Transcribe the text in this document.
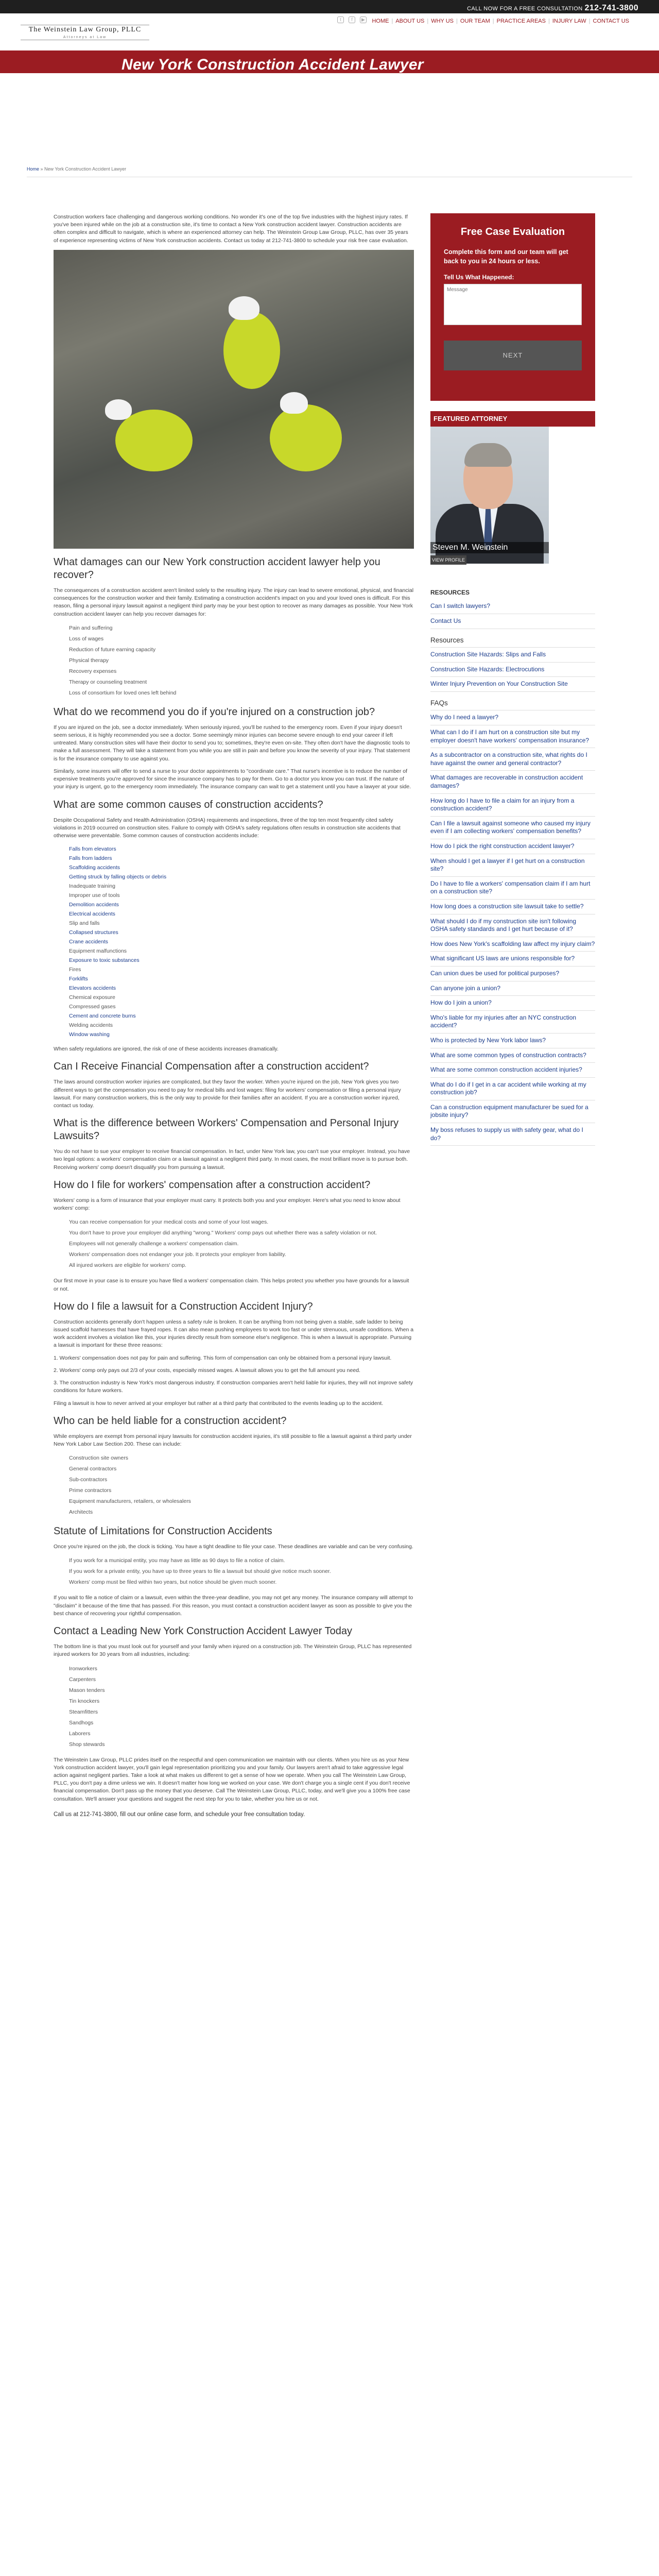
CALL NOW FOR A FREE CONSULTATION 212-741-3800
The Weinstein Law Group, PLLC
Attorneys at Law
t	f	▶ HOME | ABOUT US | WHY US | OUR TEAM | PRACTICE AREAS | INJURY LAW | CONTACT US
New York Construction Accident Lawyer
Home » New York Construction Accident Lawyer

Construction workers face challenging and dangerous working conditions. No wonder it's one of the top five industries with the highest injury rates. If you've been injured while on the job at a construction site, it's time to contact a New York construction accident lawyer. Construction accidents are often complex and difficult to navigate, which is where an experienced attorney can help. The Weinstein Group Law Group, PLLC, has over 35 years of experience representing victims of New York construction accidents. Contact us today at 212-741-3800 to schedule your risk free case evaluation.

What damages can our New York construction accident lawyer help you recover?

The consequences of a construction accident aren't limited solely to the resulting injury. The injury can lead to severe emotional, physical, and financial consequences for the construction worker and their family. Estimating a construction accident's impact on you and your loved ones is difficult. For this reason, filing a personal injury lawsuit against a negligent third party may be your best option to recover as many damages as possible. Your New York construction accident lawyer can help you recover damages for:

Pain and suffering
Loss of wages
Reduction of future earning capacity
Physical therapy
Recovery expenses
Therapy or counseling treatment
Loss of consortium for loved ones left behind
What do we recommend you do if you're injured on a construction job?

If you are injured on the job, see a doctor immediately. When seriously injured, you'll be rushed to the emergency room. Even if your injury doesn't seem serious, it is highly recommended you see a doctor. Some seemingly minor injuries can become severe enough to end your career if left untreated. Many construction sites will have their doctor to send you to; sometimes, they're even on-site. They often don't have the diagnostic tools to make a full assessment. They will take a statement from you while you are still in pain and before you know the severity of your injury. That statement is for the insurance company to use against you.

Similarly, some insurers will offer to send a nurse to your doctor appointments to "coordinate care." That nurse's incentive is to reduce the number of expensive treatments you're approved for since the insurance company has to pay for them. Go to a doctor you know you can trust. If the nature of your injury is urgent, go to the emergency room immediately. The insurance company can wait to get a statement until you have a lawyer at your side.

What are some common causes of construction accidents?

Despite Occupational Safety and Health Administration (OSHA) requirements and inspections, three of the top ten most frequently cited safety violations in 2019 occurred on construction sites. Failure to comply with OSHA's safety regulations often results in construction site accidents that otherwise were preventable. Some common causes of construction accidents include:

Falls from elevators
Falls from ladders
Scaffolding accidents
Getting struck by falling objects or debris
Inadequate training
Improper use of tools
Demolition accidents
Electrical accidents
Slip and falls
Collapsed structures
Crane accidents
Equipment malfunctions
Exposure to toxic substances
Fires
Forklifts
Elevators accidents
Chemical exposure
Compressed gases
Cement and concrete burns
Welding accidents
Window washing

When safety regulations are ignored, the risk of one of these accidents increases dramatically.

Can I Receive Financial Compensation after a construction accident?

The laws around construction worker injuries are complicated, but they favor the worker. When you're injured on the job, New York gives you two different ways to get the compensation you need to pay for medical bills and lost wages: filing for workers' compensation or filing a personal injury lawsuit. For many construction workers, this is the only way to provide for their families after an accident. If you are a construction worker injured, contact us today.

What is the difference between Workers' Compensation and Personal Injury Lawsuits?

You do not have to sue your employer to receive financial compensation. In fact, under New York law, you can't sue your employer. Instead, you have two legal options: a workers' compensation claim or a lawsuit against a negligent third party. In most cases, the most brilliant move is to pursue both. Receiving workers' comp doesn't disqualify you from pursuing a lawsuit.

How do I file for workers' compensation after a construction accident?

Workers' comp is a form of insurance that your employer must carry. It protects both you and your employer. Here's what you need to know about workers' comp:

You can receive compensation for your medical costs and some of your lost wages.
You don't have to prove your employer did anything "wrong." Workers' comp pays out whether there was a safety violation or not.
Employees will not generally challenge a workers' compensation claim.
Workers' compensation does not endanger your job. It protects your employer from liability.
All injured workers are eligible for workers' comp.

Our first move in your case is to ensure you have filed a workers' compensation claim. This helps protect you whether you have grounds for a lawsuit or not.

How do I file a lawsuit for a Construction Accident Injury?

Construction accidents generally don't happen unless a safety rule is broken. It can be anything from not being given a stable, safe ladder to being issued scaffold harnesses that have frayed ropes. It can also mean pushing employees to work too fast or under strenuous, unsafe conditions. When a work accident involves a violation like this, your injuries directly result from someone else's negligence. This is when a lawsuit is appropriate. Pursuing a lawsuit is important for these three reasons:

1. Workers' compensation does not pay for pain and suffering. This form of compensation can only be obtained from a personal injury lawsuit.

2. Workers' comp only pays out 2/3 of your costs, especially missed wages. A lawsuit allows you to get the full amount you need.

3. The construction industry is New York's most dangerous industry. If construction companies aren't held liable for injuries, they will not improve safety conditions for future workers.

Filing a lawsuit is how to never arrived at your employer but rather at a third party that contributed to the events leading up to the accident.

Who can be held liable for a construction accident?

While employers are exempt from personal injury lawsuits for construction accident injuries, it's still possible to file a lawsuit against a third party under New York Labor Law Section 200. These can include:

Construction site owners
General contractors
Sub-contractors
Prime contractors
Equipment manufacturers, retailers, or wholesalers
Architects
Statute of Limitations for Construction Accidents

Once you're injured on the job, the clock is ticking. You have a tight deadline to file your case. These deadlines are variable and can be very confusing.

If you work for a municipal entity, you may have as little as 90 days to file a notice of claim.
If you work for a private entity, you have up to three years to file a lawsuit but should give notice much sooner.
Workers' comp must be filed within two years, but notice should be given much sooner.

If you wait to file a notice of claim or a lawsuit, even within the three-year deadline, you may not get any money. The insurance company will attempt to "disclaim" it because of the time that has passed. For this reason, you must contact a construction accident lawyer as soon as possible to give you the best chance of recovering your rightful compensation.

Contact a Leading New York Construction Accident Lawyer Today

The bottom line is that you must look out for yourself and your family when injured on a construction job. The Weinstein Group, PLLC has represented injured workers for 30 years from all industries, including:

Ironworkers
Carpenters
Mason tenders
Tin knockers
Steamfitters
Sandhogs
Laborers
Shop stewards

The Weinstein Law Group, PLLC prides itself on the respectful and open communication we maintain with our clients. When you hire us as your New York construction accident lawyer, you'll gain legal representation prioritizing you and your family. Our lawyers aren't afraid to take aggressive legal action against negligent parties. Take a look at what makes us different to get a sense of how we operate. When you call The Weinstein Law Group, PLLC, you don't pay a dime unless we win. It doesn't matter how long we worked on your case. We don't charge you a single cent if you don't receive financial compensation. Don't pass up the money that you deserve. Call The Weinstein Law Group, PLLC, today, and we'll give you a 100% free case consultation. We'll answer your questions and suggest the next step for you to take, whether you hire us or not.

Call us at 212-741-3800, fill out our online case form, and schedule your free consultation today.

Free Case Evaluation
Complete this form and our team will get back to you in 24 hours or less.
Tell Us What Happened:
Message
NEXT
FEATURED ATTORNEY
Steven M. Weinstein
VIEW PROFILE
RESOURCES
Can I switch lawyers?
Contact Us
Resources
Construction Site Hazards: Slips and Falls
Construction Site Hazards: Electrocutions
Winter Injury Prevention on Your Construction Site
FAQs
Why do I need a lawyer?
What can I do if I am hurt on a construction site but my employer doesn't have workers' compensation insurance?
As a subcontractor on a construction site, what rights do I have against the owner and general contractor?
What damages are recoverable in construction accident damages?
How long do I have to file a claim for an injury from a construction accident?
Can I file a lawsuit against someone who caused my injury even if I am collecting workers' compensation benefits?
How do I pick the right construction accident lawyer?
When should I get a lawyer if I get hurt on a construction site?
Do I have to file a workers' compensation claim if I am hurt on a construction site?
How long does a construction site lawsuit take to settle?
What should I do if my construction site isn't following OSHA safety standards and I get hurt because of it?
How does New York's scaffolding law affect my injury claim?
What significant US laws are unions responsible for?
Can union dues be used for political purposes?
Can anyone join a union?
How do I join a union?
Who's liable for my injuries after an NYC construction accident?
Who is protected by New York labor laws?
What are some common types of construction contracts?
What are some common construction accident injuries?
What do I do if I get in a car accident while working at my construction job?
Can a construction equipment manufacturer be sued for a jobsite injury?
My boss refuses to supply us with safety gear, what do I do?
